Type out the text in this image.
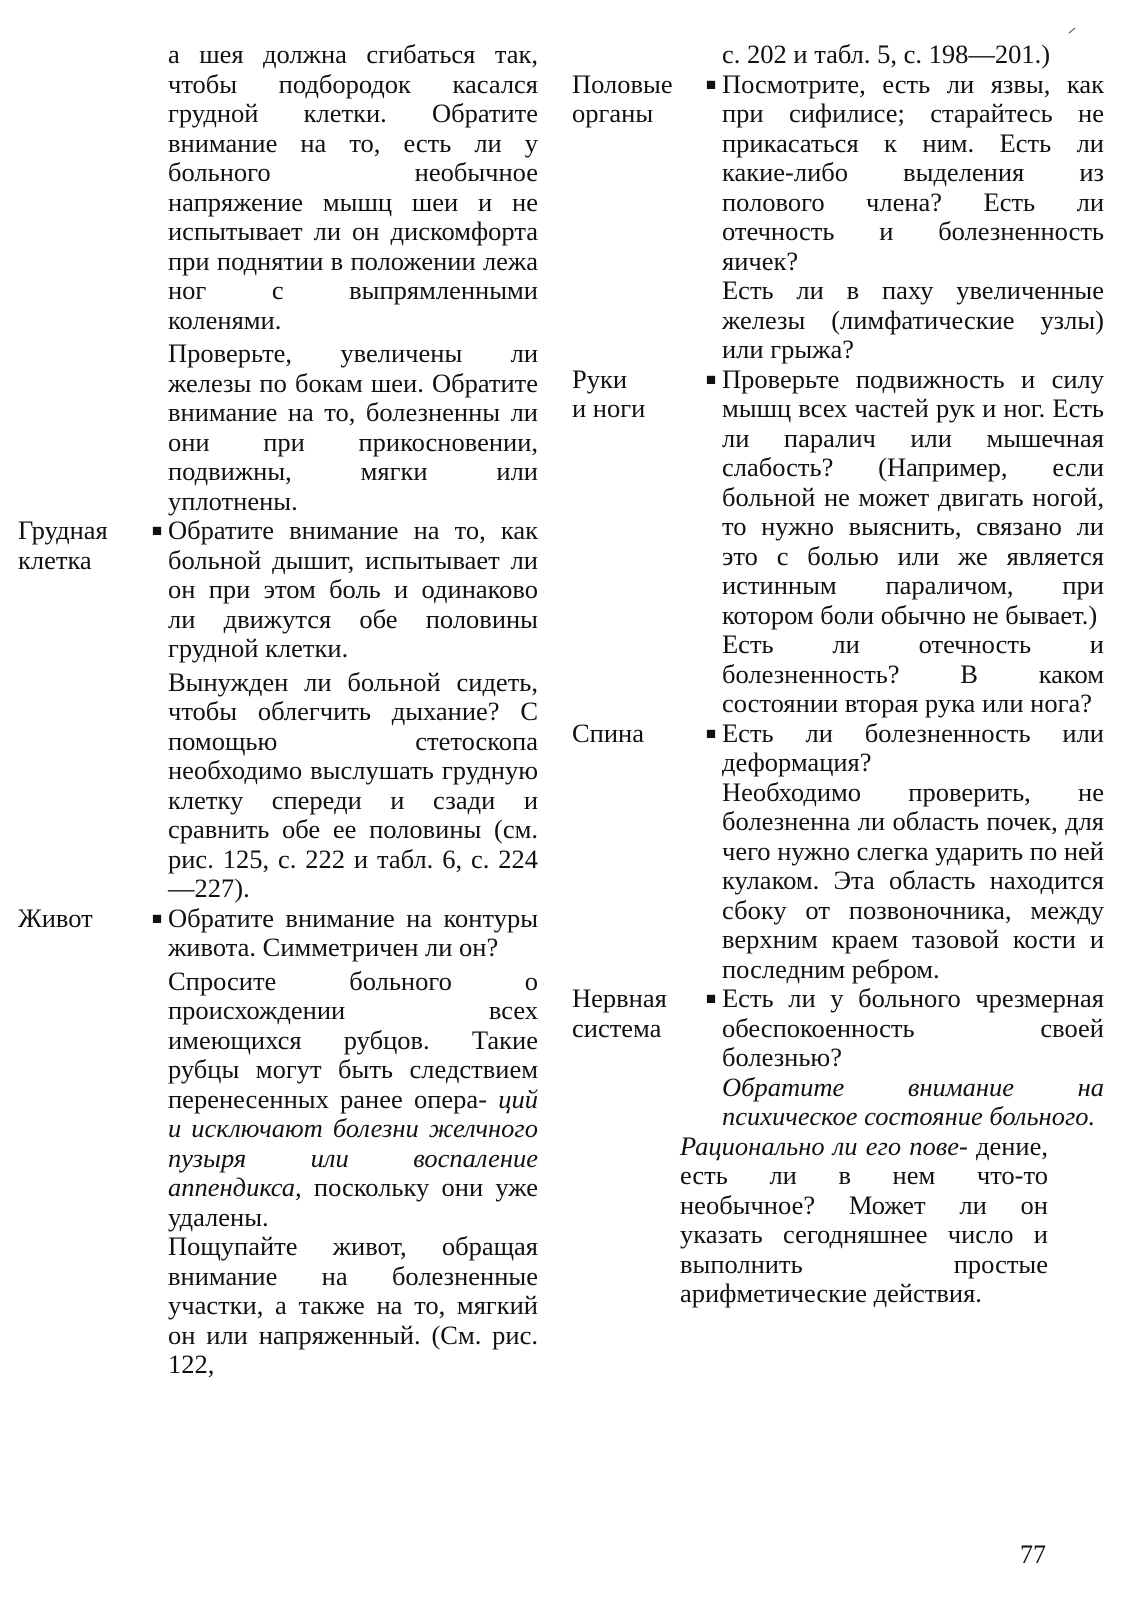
а шея должна сгибаться так, чтобы подбородок касался грудной клетки. Обратите внимание на то, есть ли у больного необычное напряжение мышц шеи и не испытывает ли он дискомфорта при поднятии в положении лежа ног с выпрямленными коленями.

Проверьте, увеличены ли железы по бокам шеи. Обратите внимание на то, болезненны ли они при прикосновении, подвижны, мягки или уплотнены.

Грудная клетка
■ Обратите внимание на то, как больной дышит, испытывает ли он при этом боль и одинаково ли движутся обе половины грудной клетки.

Вынужден ли больной сидеть, чтобы облегчить дыхание? С помощью стетоскопа необходимо выслушать грудную клетку спереди и сзади и сравнить обе ее половины (см. рис. 125, с. 222 и табл. 6, с. 224—227).

Живот	■ Обратите внимание на контуры живота. Симметричен ли он?

Спросите больного о происхождении всех имеющихся рубцов. Такие рубцы могут быть следствием перенесенных ранее опера- ций и исключают болезни желчного пузыря или воспаление аппендикса, поскольку они уже удалены.

Пощупайте живот, обращая внимание на болезненные участки, а также на то, мягкий он или напряженный. (См. рис. 122,

с. 202 и табл. 5, с. 198—201.)

Половые
органы
■ Посмотрите, есть ли язвы, как при сифилисе; старайтесь не прикасаться к ним. Есть ли какие-либо выделения из полового члена? Есть ли отечность и болезненность яичек?

Есть ли в паху увеличенные железы (лимфатические узлы) или грыжа?

Руки
и ноги
■ Проверьте подвижность и силу мышц всех частей рук и ног. Есть ли паралич или мышечная слабость? (Например, если больной не может двигать ногой, то нужно выяснить, связано ли это с болью или же является истинным параличом, при котором боли обычно не бывает.)

Есть ли отечность и болезненность? В каком состоянии вторая рука или нога?

Спина	■ Есть ли болезненность или деформация?

Необходимо проверить, не болезненна ли область почек, для чего нужно слегка ударить по ней кулаком. Эта область находится сбоку от позвоночника, между верхним краем тазовой кости и последним ребром.

Нервная
система
■ Есть ли у больного чрезмерная обеспокоенность своей болезнью?

Обратите внимание на психическое состояние больного.

Рационально ли его пове- дение, есть ли в нем что-то необычное? Может ли он указать сегодняшнее число и выполнить простые арифметические действия.

77
